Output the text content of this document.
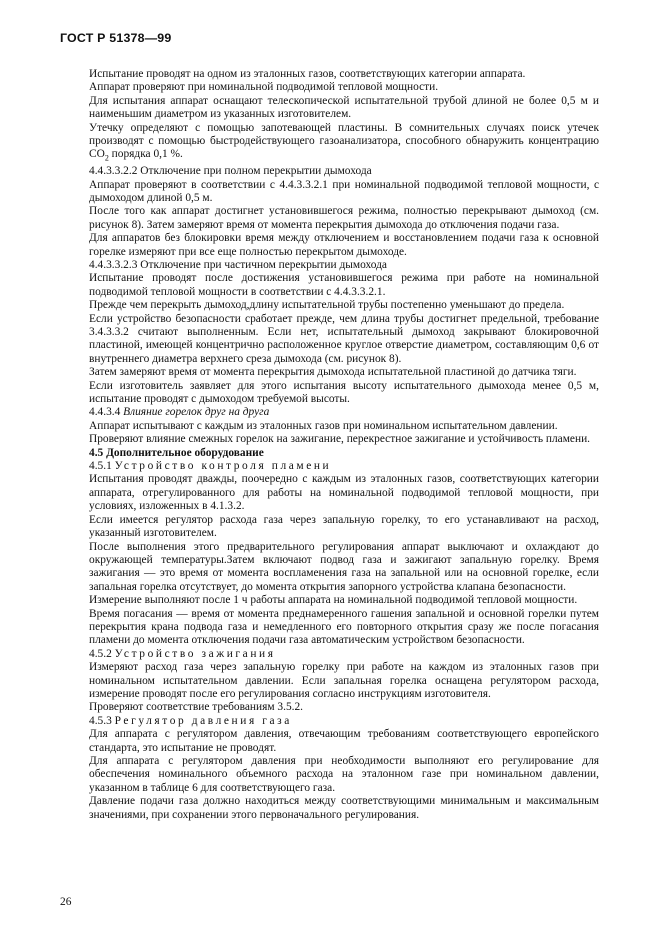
ГОСТ Р 51378—99

Испытание проводят на одном из эталонных газов, соответствующих категории аппарата.

Аппарат проверяют при номинальной подводимой тепловой мощности.

Для испытания аппарат оснащают телескопической испытательной трубой длиной не более 0,5 м и наименьшим диаметром из указанных изготовителем.

Утечку определяют с помощью запотевающей пластины. В сомнительных случаях поиск утечек производят с помощью быстродействующего газоанализатора, способного обнаружить концентрацию $CO_2$ порядка 0,1 %.

4.4.3.3.2.2 Отключение при полном перекрытии дымохода

Аппарат проверяют в соответствии с 4.4.3.3.2.1 при номинальной подводимой тепловой мощности, с дымоходом длиной 0,5 м.

После того как аппарат достигнет установившегося режима, полностью перекрывают дымоход (см. рисунок 8). Затем замеряют время от момента перекрытия дымохода до отключения подачи газа.

Для аппаратов без блокировки время между отключением и восстановлением подачи газа к основной горелке измеряют при все еще полностью перекрытом дымоходе.

4.4.3.3.2.3 Отключение при частичном перекрытии дымохода

Испытание проводят после достижения установившегося режима при работе на номинальной подводимой тепловой мощности в соответствии с 4.4.3.3.2.1.

Прежде чем перекрыть дымоход,длину испытательной трубы постепенно уменьшают до предела.

Если устройство безопасности сработает прежде, чем длина трубы достигнет предельной, требование 3.4.3.3.2 считают выполненным. Если нет, испытательный дымоход закрывают блокировочной пластиной, имеющей концентрично расположенное круглое отверстие диаметром, составляющим 0,6 от внутреннего диаметра верхнего среза дымохода (см. рисунок 8).

Затем замеряют время от момента перекрытия дымохода испытательной пластиной до датчика тяги.

Если изготовитель заявляет для этого испытания высоту испытательного дымохода менее 0,5 м, испытание проводят с дымоходом требуемой высоты.

4.4.3.4 Влияние горелок друг на друга

Аппарат испытывают с каждым из эталонных газов при номинальном испытательном давлении.

Проверяют влияние смежных горелок на зажигание, перекрестное зажигание и устойчивость пламени.

4.5 Дополнительное оборудование

4.5.1 Устройство контроля пламени

Испытания проводят дважды, поочередно с каждым из эталонных газов, соответствующих категории аппарата, отрегулированного для работы на номинальной подводимой тепловой мощности, при условиях, изложенных в 4.1.3.2.

Если имеется регулятор расхода газа через запальную горелку, то его устанавливают на расход, указанный изготовителем.

После выполнения этого предварительного регулирования аппарат выключают и охлаждают до окружающей температуры.Затем включают подвод газа и зажигают запальную горелку. Время зажигания — это время от момента воспламенения газа на запальной или на основной горелке, если запальная горелка отсутствует, до момента открытия запорного устройства клапана безопасности.

Измерение выполняют после 1 ч работы аппарата на номинальной подводимой тепловой мощности.

Время погасания — время от момента преднамеренного гашения запальной и основной горелки путем перекрытия крана подвода газа и немедленного его повторного открытия сразу же после погасания пламени до момента отключения подачи газа автоматическим устройством безопасности.

4.5.2 Устройство зажигания

Измеряют расход газа через запальную горелку при работе на каждом из эталонных газов при номинальном испытательном давлении. Если запальная горелка оснащена регулятором расхода, измерение проводят после его регулирования согласно инструкциям изготовителя.

Проверяют соответствие требованиям 3.5.2.

4.5.3 Регулятор давления газа

Для аппарата с регулятором давления, отвечающим требованиям соответствующего европейского стандарта, это испытание не проводят.

Для аппарата с регулятором давления при необходимости выполняют его регулирование для обеспечения номинального объемного расхода на эталонном газе при номинальном давлении, указанном в таблице 6 для соответствующего газа.

Давление подачи газа должно находиться между соответствующими минимальным и максимальным значениями, при сохранении этого первоначального регулирования.

26
